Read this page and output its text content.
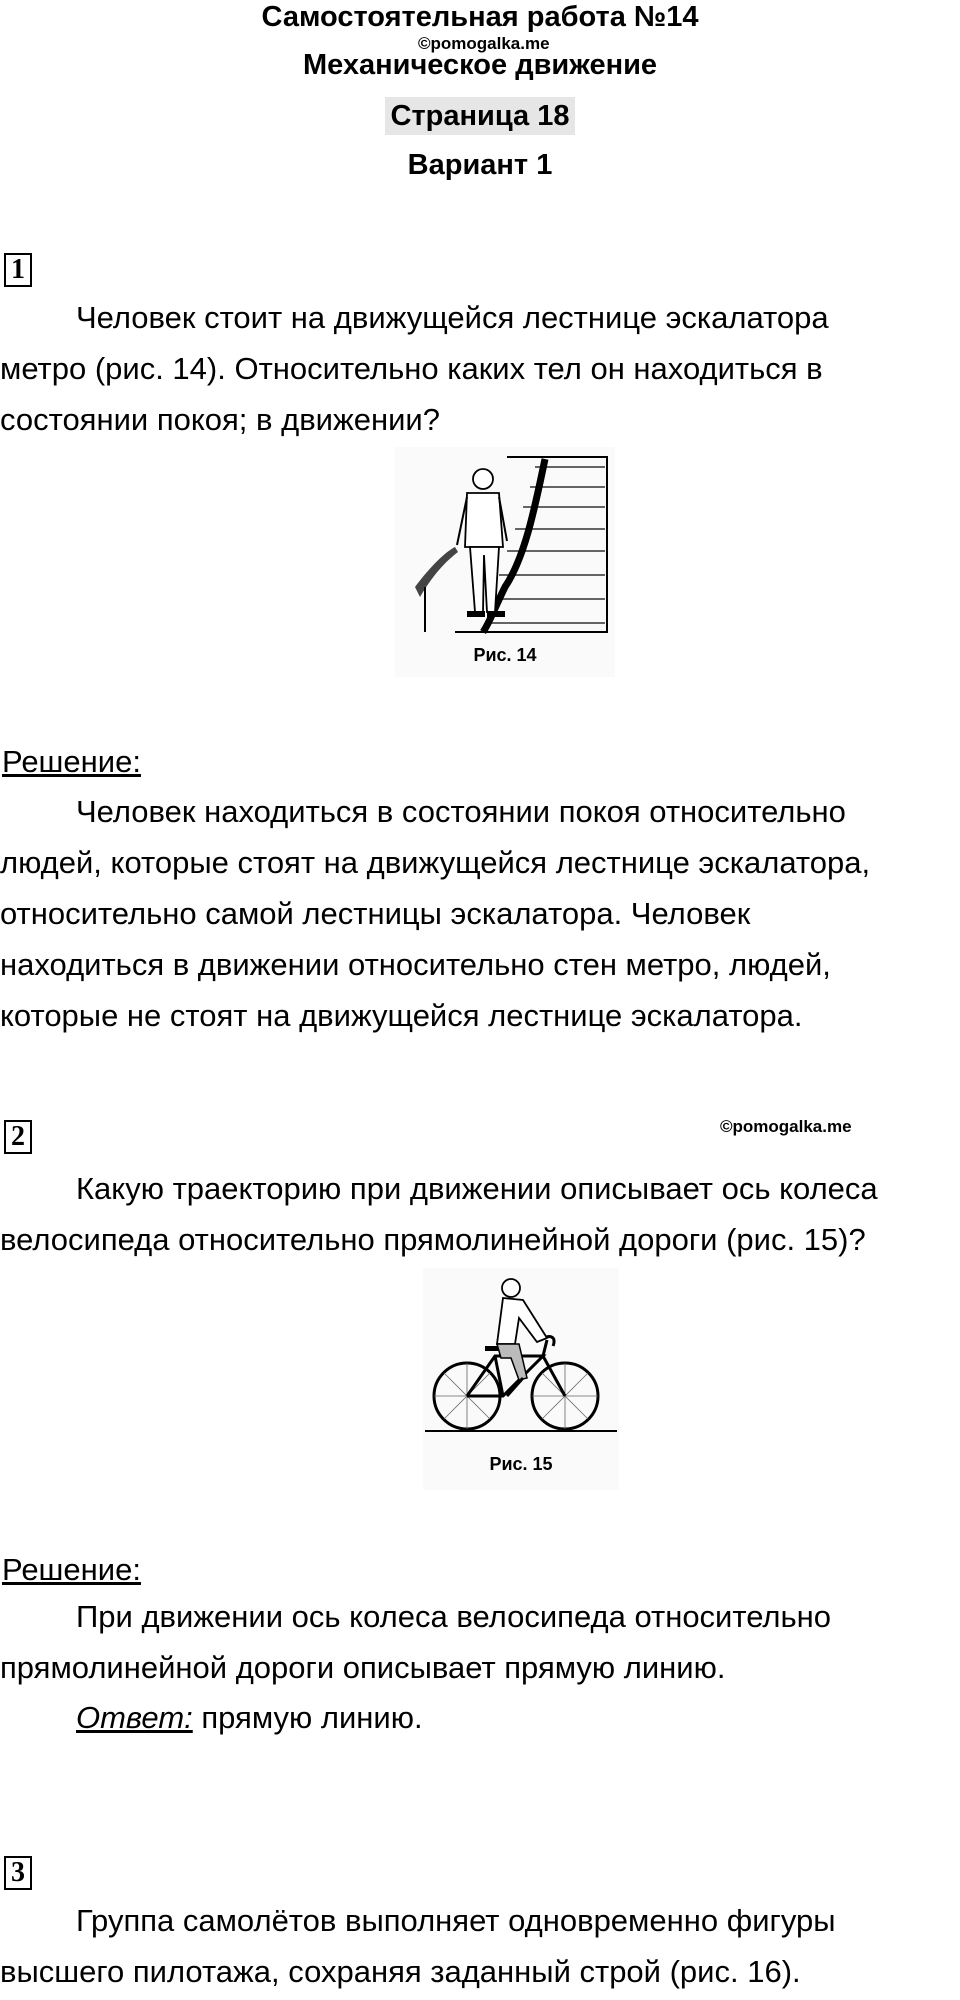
Самостоятельная работа №14
©pomogalka.me
Механическое движение
Страница 18
Вариант 1
1
Человек стоит на движущейся лестнице эскалатора
метро (рис. 14). Относительно каких тел он находиться в
состоянии покоя; в движении?
Рис. 14
Решение:
Человек находиться в состоянии покоя относительно
людей, которые стоят на движущейся лестнице эскалатора,
относительно самой лестницы эскалатора. Человек
находиться в движении относительно стен метро, людей,
которые не стоят на движущейся лестнице эскалатора.
2	©pomogalka.me
Какую траекторию при движении описывает ось колеса
велосипеда относительно прямолинейной дороги (рис. 15)?
Рис. 15
Решение:
При движении ось колеса велосипеда относительно
прямолинейной дороги описывает прямую линию.
Ответ: прямую линию.
3
Группа самолётов выполняет одновременно фигуры
высшего пилотажа, сохраняя заданный строй (рис. 16).
